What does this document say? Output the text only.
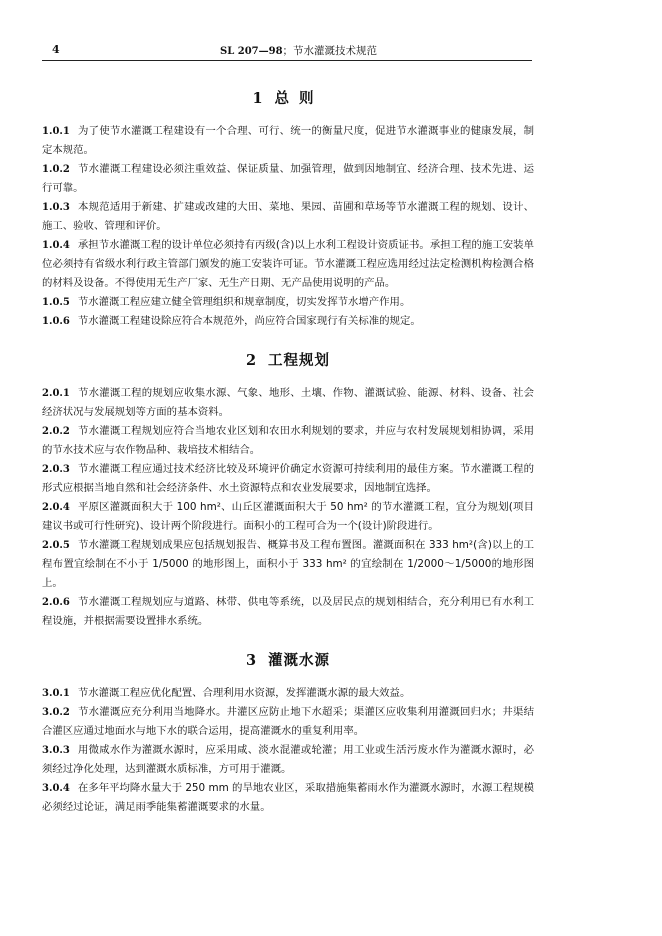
4	SL 207—98；节水灌溉技术规范
1 总则

1.0.1 为了使节水灌溉工程建设有一个合理、可行、统一的衡量尺度，促进节水灌溉事业的健康发展，制定本规范。

1.0.2 节水灌溉工程建设必须注重效益、保证质量、加强管理，做到因地制宜、经济合理、技术先进、运行可靠。

1.0.3 本规范适用于新建、扩建或改建的大田、菜地、果园、苗圃和草场等节水灌溉工程的规划、设计、施工、验收、管理和评价。

1.0.4 承担节水灌溉工程的设计单位必须持有丙级(含)以上水利工程设计资质证书。承担工程的施工安装单位必须持有省级水利行政主管部门颁发的施工安装许可证。节水灌溉工程应选用经过法定检测机构检测合格的材料及设备。不得使用无生产厂家、无生产日期、无产品使用说明的产品。

1.0.5 节水灌溉工程应建立健全管理组织和规章制度，切实发挥节水增产作用。

1.0.6 节水灌溉工程建设除应符合本规范外，尚应符合国家现行有关标准的规定。

2 工程规划

2.0.1 节水灌溉工程的规划应收集水源、气象、地形、土壤、作物、灌溉试验、能源、材料、设备、社会经济状况与发展规划等方面的基本资料。

2.0.2 节水灌溉工程规划应符合当地农业区划和农田水利规划的要求，并应与农村发展规划相协调，采用的节水技术应与农作物品种、栽培技术相结合。

2.0.3 节水灌溉工程应通过技术经济比较及环境评价确定水资源可持续利用的最佳方案。节水灌溉工程的形式应根据当地自然和社会经济条件、水土资源特点和农业发展要求，因地制宜选择。

2.0.4 平原区灌溉面积大于 100 hm²、山丘区灌溉面积大于 50 hm² 的节水灌溉工程，宜分为规划(项目建议书或可行性研究)、设计两个阶段进行。面积小的工程可合为一个(设计)阶段进行。

2.0.5 节水灌溉工程规划成果应包括规划报告、概算书及工程布置图。灌溉面积在 333 hm²(含)以上的工程布置宜绘制在不小于 1/5000 的地形图上，面积小于 333 hm² 的宜绘制在 1/2000～1/5000的地形图上。

2.0.6 节水灌溉工程规划应与道路、林带、供电等系统，以及居民点的规划相结合，充分利用已有水利工程设施，并根据需要设置排水系统。

3 灌溉水源

3.0.1 节水灌溉工程应优化配置、合理利用水资源，发挥灌溉水源的最大效益。

3.0.2 节水灌溉应充分利用当地降水。井灌区应防止地下水超采；渠灌区应收集利用灌溉回归水；井渠结合灌区应通过地面水与地下水的联合运用，提高灌溉水的重复利用率。

3.0.3 用微咸水作为灌溉水源时，应采用咸、淡水混灌或轮灌；用工业或生活污废水作为灌溉水源时，必须经过净化处理，达到灌溉水质标准，方可用于灌溉。

3.0.4 在多年平均降水量大于 250 mm 的旱地农业区，采取措施集蓄雨水作为灌溉水源时，水源工程规模必须经过论证，满足雨季能集蓄灌溉要求的水量。
